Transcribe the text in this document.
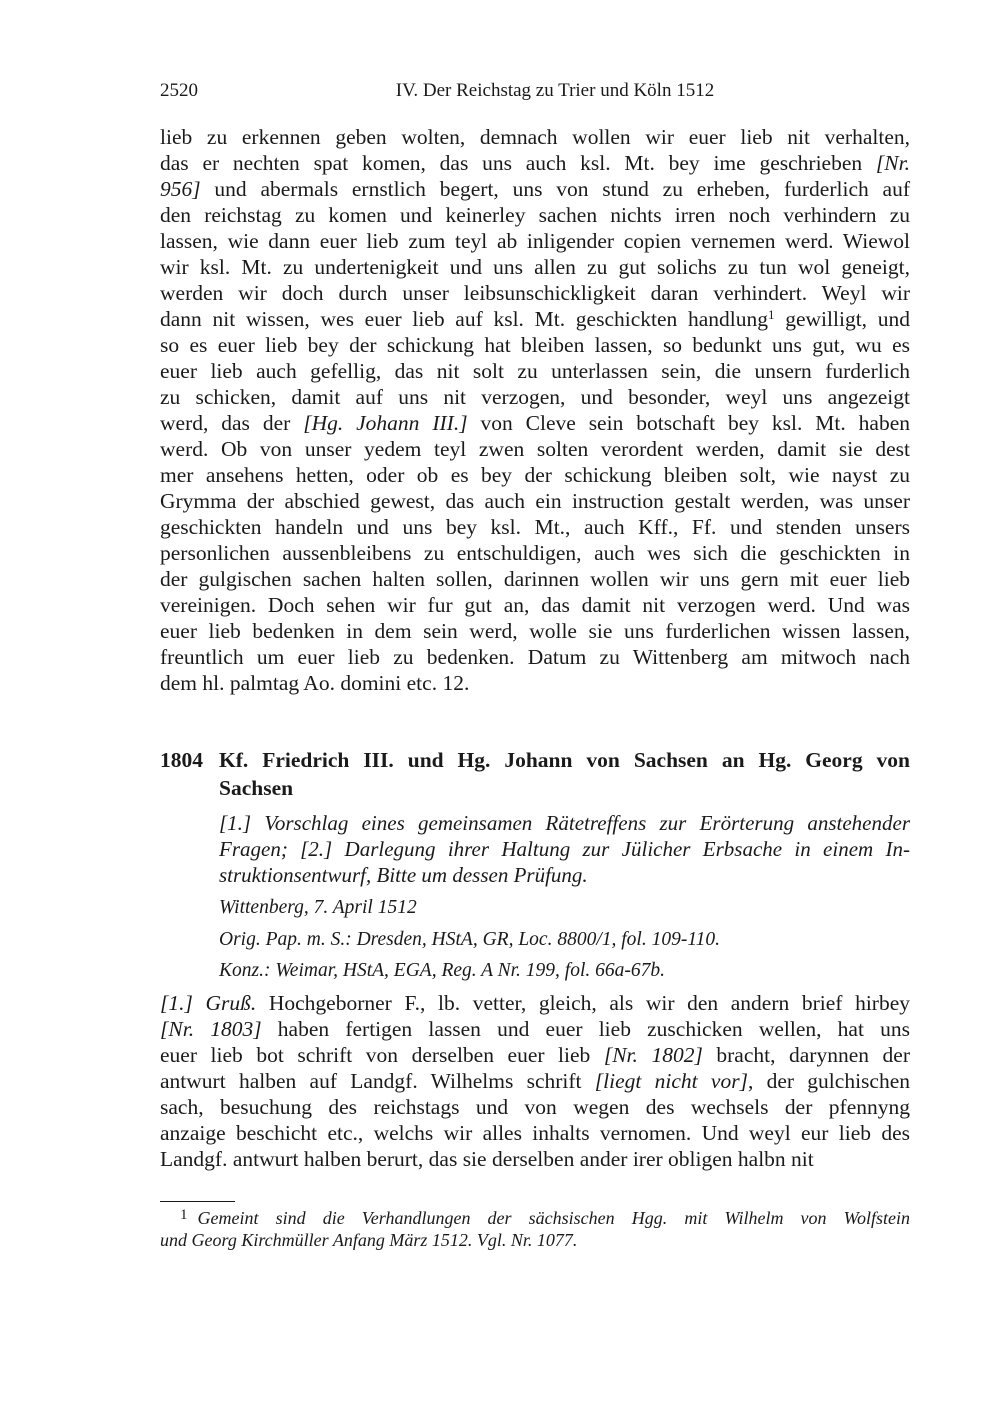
2520	IV. Der Reichstag zu Trier und Köln 1512
lieb zu erkennen geben wolten, demnach wollen wir euer lieb nit verhalten,
das er nechten spat komen, das uns auch ksl. Mt. bey ime geschrieben [Nr.
956] und abermals ernstlich begert, uns von stund zu erheben, furderlich auf
den reichstag zu komen und keinerley sachen nichts irren noch verhindern zu
lassen, wie dann euer lieb zum teyl ab inligender copien vernemen werd. Wiewol
wir ksl. Mt. zu undertenigkeit und uns allen zu gut solichs zu tun wol geneigt,
werden wir doch durch unser leibsunschickligkeit daran verhindert. Weyl wir
dann nit wissen, wes euer lieb auf ksl. Mt. geschickten handlung$^1$ gewilligt, und
so es euer lieb bey der schickung hat bleiben lassen, so bedunkt uns gut, wu es
euer lieb auch gefellig, das nit solt zu unterlassen sein, die unsern furderlich
zu schicken, damit auf uns nit verzogen, und besonder, weyl uns angezeigt
werd, das der [Hg. Johann III.] von Cleve sein botschaft bey ksl. Mt. haben
werd. Ob von unser yedem teyl zwen solten verordent werden, damit sie dest
mer ansehens hetten, oder ob es bey der schickung bleiben solt, wie nayst zu
Grymma der abschied gewest, das auch ein instruction gestalt werden, was unser
geschickten handeln und uns bey ksl. Mt., auch Kff., Ff. und stenden unsers
personlichen aussenbleibens zu entschuldigen, auch wes sich die geschickten in
der gulgischen sachen halten sollen, darinnen wollen wir uns gern mit euer lieb
vereinigen. Doch sehen wir fur gut an, das damit nit verzogen werd. Und was
euer lieb bedenken in dem sein werd, wolle sie uns furderlichen wissen lassen,
freuntlich um euer lieb zu bedenken. Datum zu Wittenberg am mitwoch nach
dem hl. palmtag Ao. domini etc. 12.
1804 Kf. Friedrich III. und Hg. Johann von Sachsen an Hg. Georg von
Sachsen
[1.] Vorschlag eines gemeinsamen Rätetreffens zur Erörterung anstehender
Fragen; [2.] Darlegung ihrer Haltung zur Jülicher Erbsache in einem In-
struktionsentwurf, Bitte um dessen Prüfung.
Wittenberg, 7. April 1512
Orig. Pap. m. S.: Dresden, HStA, GR, Loc. 8800/1, fol. 109-110.
Konz.: Weimar, HStA, EGA, Reg. A Nr. 199, fol. 66a-67b.
[1.] Gruß. Hochgeborner F., lb. vetter, gleich, als wir den andern brief hirbey
[Nr. 1803] haben fertigen lassen und euer lieb zuschicken wellen, hat uns
euer lieb bot schrift von derselben euer lieb [Nr. 1802] bracht, darynnen der
antwurt halben auf Landgf. Wilhelms schrift [liegt nicht vor], der gulchischen
sach, besuchung des reichstags und von wegen des wechsels der pfennyng
anzaige beschicht etc., welchs wir alles inhalts vernomen. Und weyl eur lieb des
Landgf. antwurt halben berurt, das sie derselben ander irer obligen halbn nit
1 Gemeint sind die Verhandlungen der sächsischen Hgg. mit Wilhelm von Wolfstein
und Georg Kirchmüller Anfang März 1512. Vgl. Nr. 1077.
